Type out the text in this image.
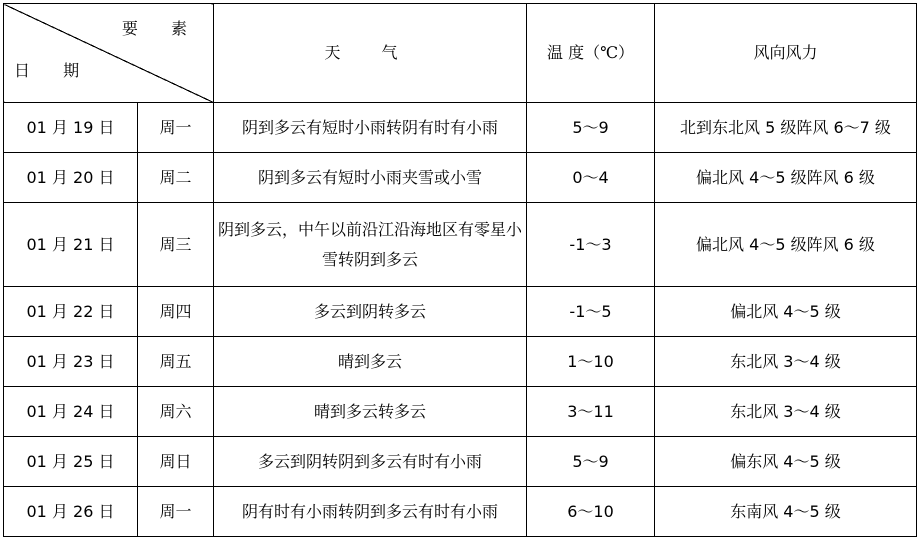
要 素
日 期		天 气	温 度（℃）	风向风力
01 月 19 日	周一	阴到多云有短时小雨转阴有时有小雨	5～9	北到东北风 5 级阵风 6～7 级
01 月 20 日	周二	阴到多云有短时小雨夹雪或小雪	0～4	偏北风 4～5 级阵风 6 级
01 月 21 日	周三	阴到多云，中午以前沿江沿海地区有零星小雪转阴到多云	-1～3	偏北风 4～5 级阵风 6 级
01 月 22 日	周四	多云到阴转多云	-1～5	偏北风 4～5 级
01 月 23 日	周五	晴到多云	1～10	东北风 3～4 级
01 月 24 日	周六	晴到多云转多云	3～11	东北风 3～4 级
01 月 25 日	周日	多云到阴转阴到多云有时有小雨	5～9	偏东风 4～5 级
01 月 26 日	周一	阴有时有小雨转阴到多云有时有小雨	6～10	东南风 4～5 级
